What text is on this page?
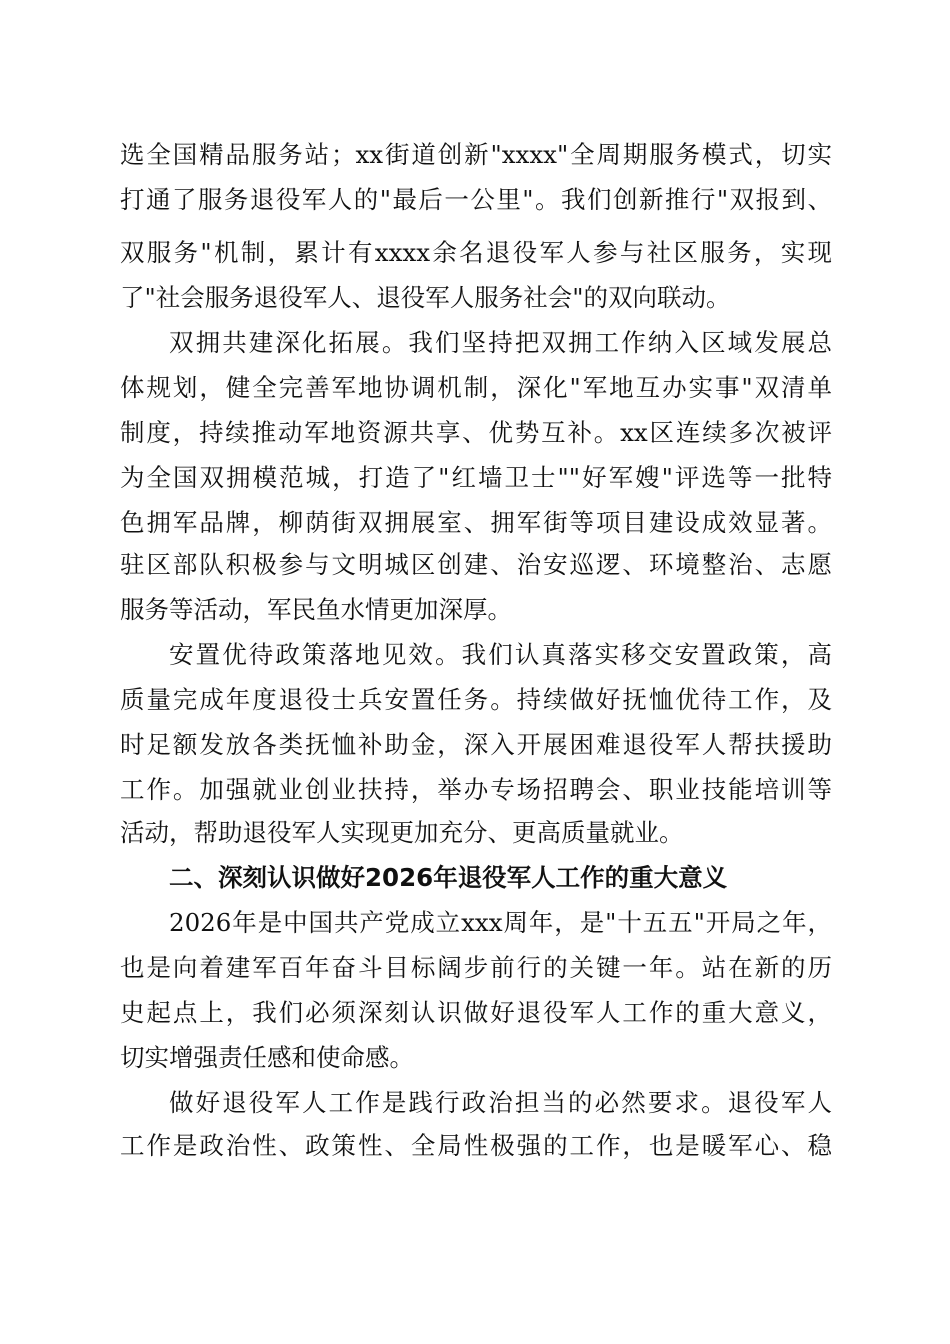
选全国精品服务站；xx街道创新"xxxx"全周期服务模式，切实

打通了服务退役军人的"最后一公里"。我们创新推行"双报到、

双服务"机制，累计有xxxx余名退役军人参与社区服务，实现

了"社会服务退役军人、退役军人服务社会"的双向联动。

双拥共建深化拓展。我们坚持把双拥工作纳入区域发展总

体规划，健全完善军地协调机制，深化"军地互办实事"双清单

制度，持续推动军地资源共享、优势互补。xx区连续多次被评

为全国双拥模范城，打造了"红墙卫士""好军嫂"评选等一批特

色拥军品牌，柳荫街双拥展室、拥军街等项目建设成效显著。

驻区部队积极参与文明城区创建、治安巡逻、环境整治、志愿

服务等活动，军民鱼水情更加深厚。

安置优待政策落地见效。我们认真落实移交安置政策，高

质量完成年度退役士兵安置任务。持续做好抚恤优待工作，及

时足额发放各类抚恤补助金，深入开展困难退役军人帮扶援助

工作。加强就业创业扶持，举办专场招聘会、职业技能培训等

活动，帮助退役军人实现更加充分、更高质量就业。

二、深刻认识做好2026年退役军人工作的重大意义

2026年是中国共产党成立xxx周年，是"十五五"开局之年，

也是向着建军百年奋斗目标阔步前行的关键一年。站在新的历

史起点上，我们必须深刻认识做好退役军人工作的重大意义，

切实增强责任感和使命感。

做好退役军人工作是践行政治担当的必然要求。退役军人

工作是政治性、政策性、全局性极强的工作，也是暖军心、稳
